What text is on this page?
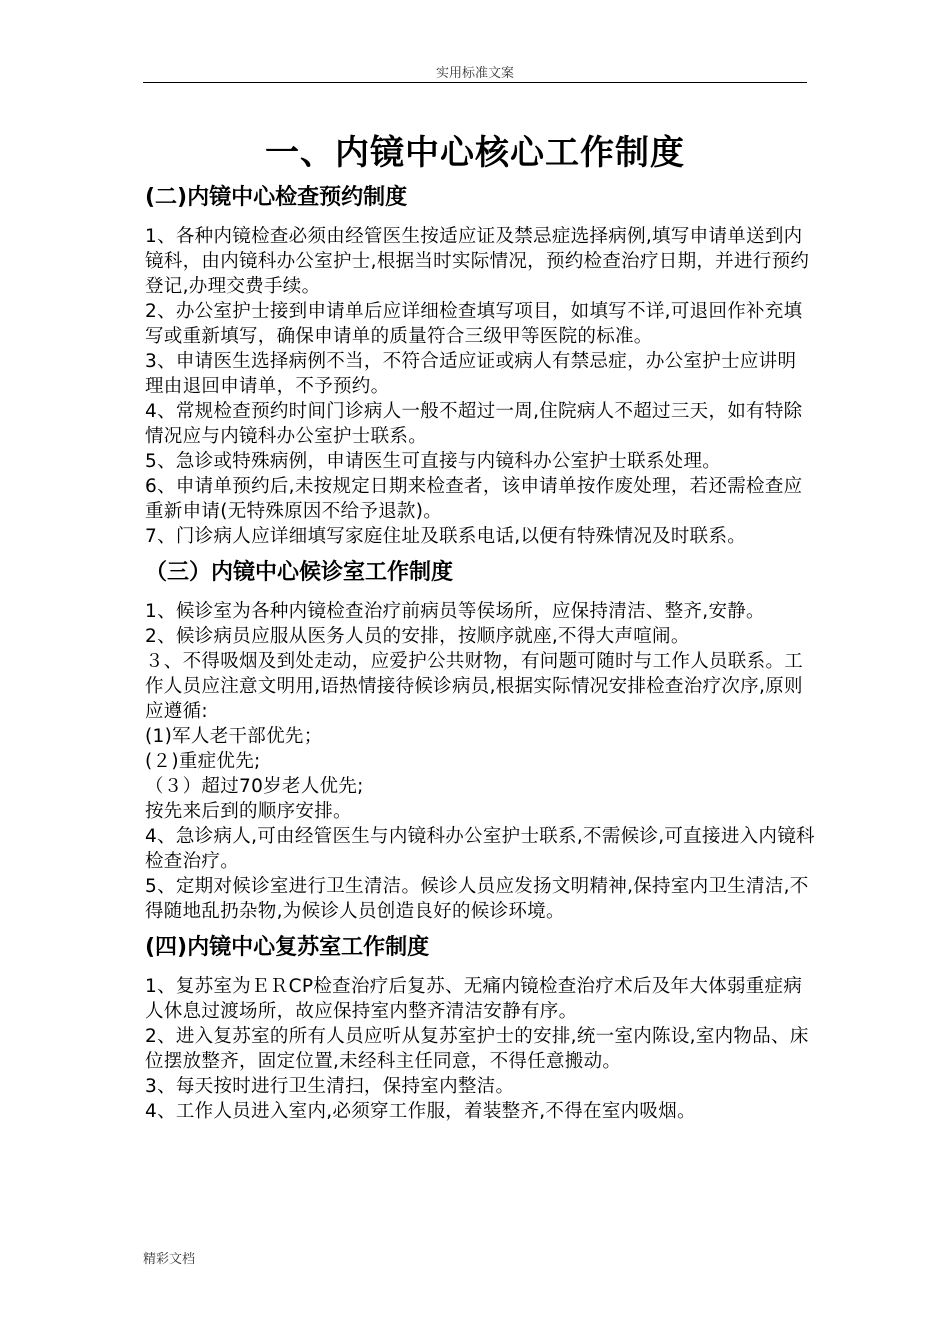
实用标准文案
一、内镜中心核心工作制度
(二)内镜中心检查预约制度

1、各种内镜检查必须由经管医生按适应证及禁忌症选择病例,填写申请单送到内镜科，由内镜科办公室护士,根据当时实际情况，预约检查治疗日期，并进行预约登记,办理交费手续。

2、办公室护士接到申请单后应详细检查填写项目，如填写不详,可退回作补充填写或重新填写，确保申请单的质量符合三级甲等医院的标准。

3、申请医生选择病例不当，不符合适应证或病人有禁忌症，办公室护士应讲明理由退回申请单，不予预约。

4、常规检查预约时间门诊病人一般不超过一周,住院病人不超过三天，如有特除情况应与内镜科办公室护士联系。

5、急诊或特殊病例，申请医生可直接与内镜科办公室护士联系处理。

6、申请单预约后,未按规定日期来检查者，该申请单按作废处理，若还需检查应重新申请(无特殊原因不给予退款)。

7、门诊病人应详细填写家庭住址及联系电话,以便有特殊情况及时联系。

（三）内镜中心候诊室工作制度

1、候诊室为各种内镜检查治疗前病员等侯场所，应保持清洁、整齐,安静。

2、候诊病员应服从医务人员的安排，按顺序就座,不得大声喧闹。

３、不得吸烟及到处走动，应爱护公共财物，有问题可随时与工作人员联系。工作人员应注意文明用,语热情接待候诊病员,根据实际情况安排检查治疗次序,原则应遵循:

(1)军人老干部优先；

(２)重症优先;

（３）超过70岁老人优先;

按先来后到的顺序安排。

4、急诊病人,可由经管医生与内镜科办公室护士联系,不需候诊,可直接进入内镜科检查治疗。

5、定期对候诊室进行卫生清洁。候诊人员应发扬文明精神,保持室内卫生清洁,不得随地乱扔杂物,为候诊人员创造良好的候诊环境。

(四)内镜中心复苏室工作制度

1、复苏室为ＥＲCP检查治疗后复苏、无痛内镜检查治疗术后及年大体弱重症病人休息过渡场所，故应保持室内整齐清洁安静有序。

2、进入复苏室的所有人员应听从复苏室护士的安排,统一室内陈设,室内物品、床位摆放整齐，固定位置,未经科主任同意，不得任意搬动。

3、每天按时进行卫生清扫，保持室内整洁。

4、工作人员进入室内,必须穿工作服，着装整齐,不得在室内吸烟。

精彩文档
